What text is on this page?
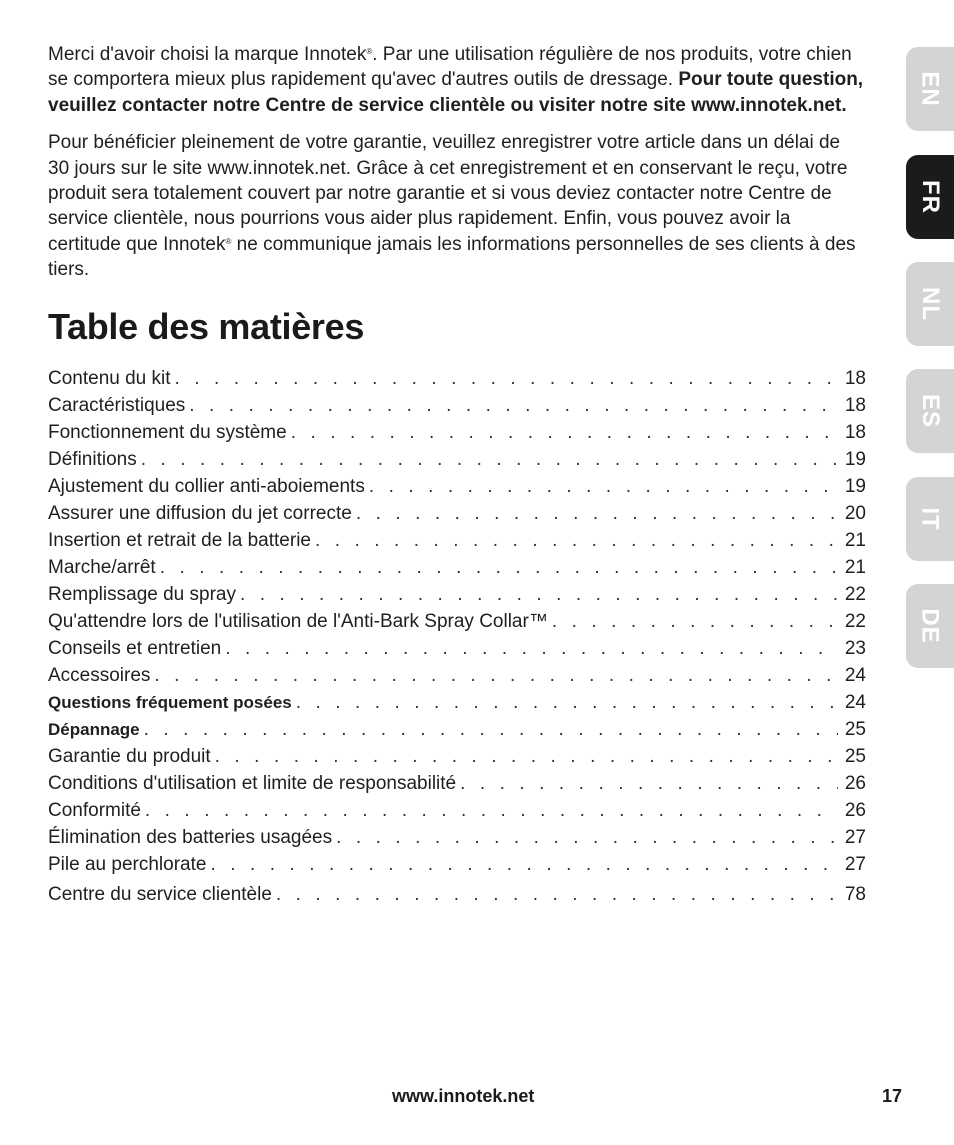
Merci d'avoir choisi la marque Innotek®. Par une utilisation régulière de nos produits, votre chien se comportera mieux plus rapidement qu'avec d'autres outils de dressage. Pour toute question, veuillez contacter notre Centre de service clientèle ou visiter notre site www.innotek.net.

Pour bénéficier pleinement de votre garantie, veuillez enregistrer votre article dans un délai de 30 jours sur le site www.innotek.net. Grâce à cet enregistrement et en conservant le reçu, votre produit sera totalement couvert par notre garantie et si vous deviez contacter notre Centre de service clientèle, nous pourrions vous aider plus rapidement. Enfin, vous pouvez avoir la certitude que Innotek® ne communique jamais les informations personnelles de ses clients à des tiers.

Table des matières
Contenu du kit . . .	18
Caractéristiques . . .	18
Fonctionnement du système . . .	18
Définitions . . .	19
Ajustement du collier anti-aboiements . . .	19
Assurer une diffusion du jet correcte . . .	20
Insertion et retrait de la batterie . . .	21
Marche/arrêt . . .	21
Remplissage du spray . . .	22
Qu'attendre lors de l'utilisation de l'Anti-Bark Spray Collar™ . . .	22
Conseils et entretien . . .	23
Accessoires . . .	24
Questions fréquement posées . . .	24
Dépannage . . .	25
Garantie du produit . . .	25
Conditions d'utilisation et limite de responsabilité . . .	26
Conformité . . .	26
Élimination des batteries usagées . . .	27
Pile au perchlorate . . .	27
Centre du service clientèle . . .	78
EN
FR
NL
ES
IT
DE
www.innotek.net	17
